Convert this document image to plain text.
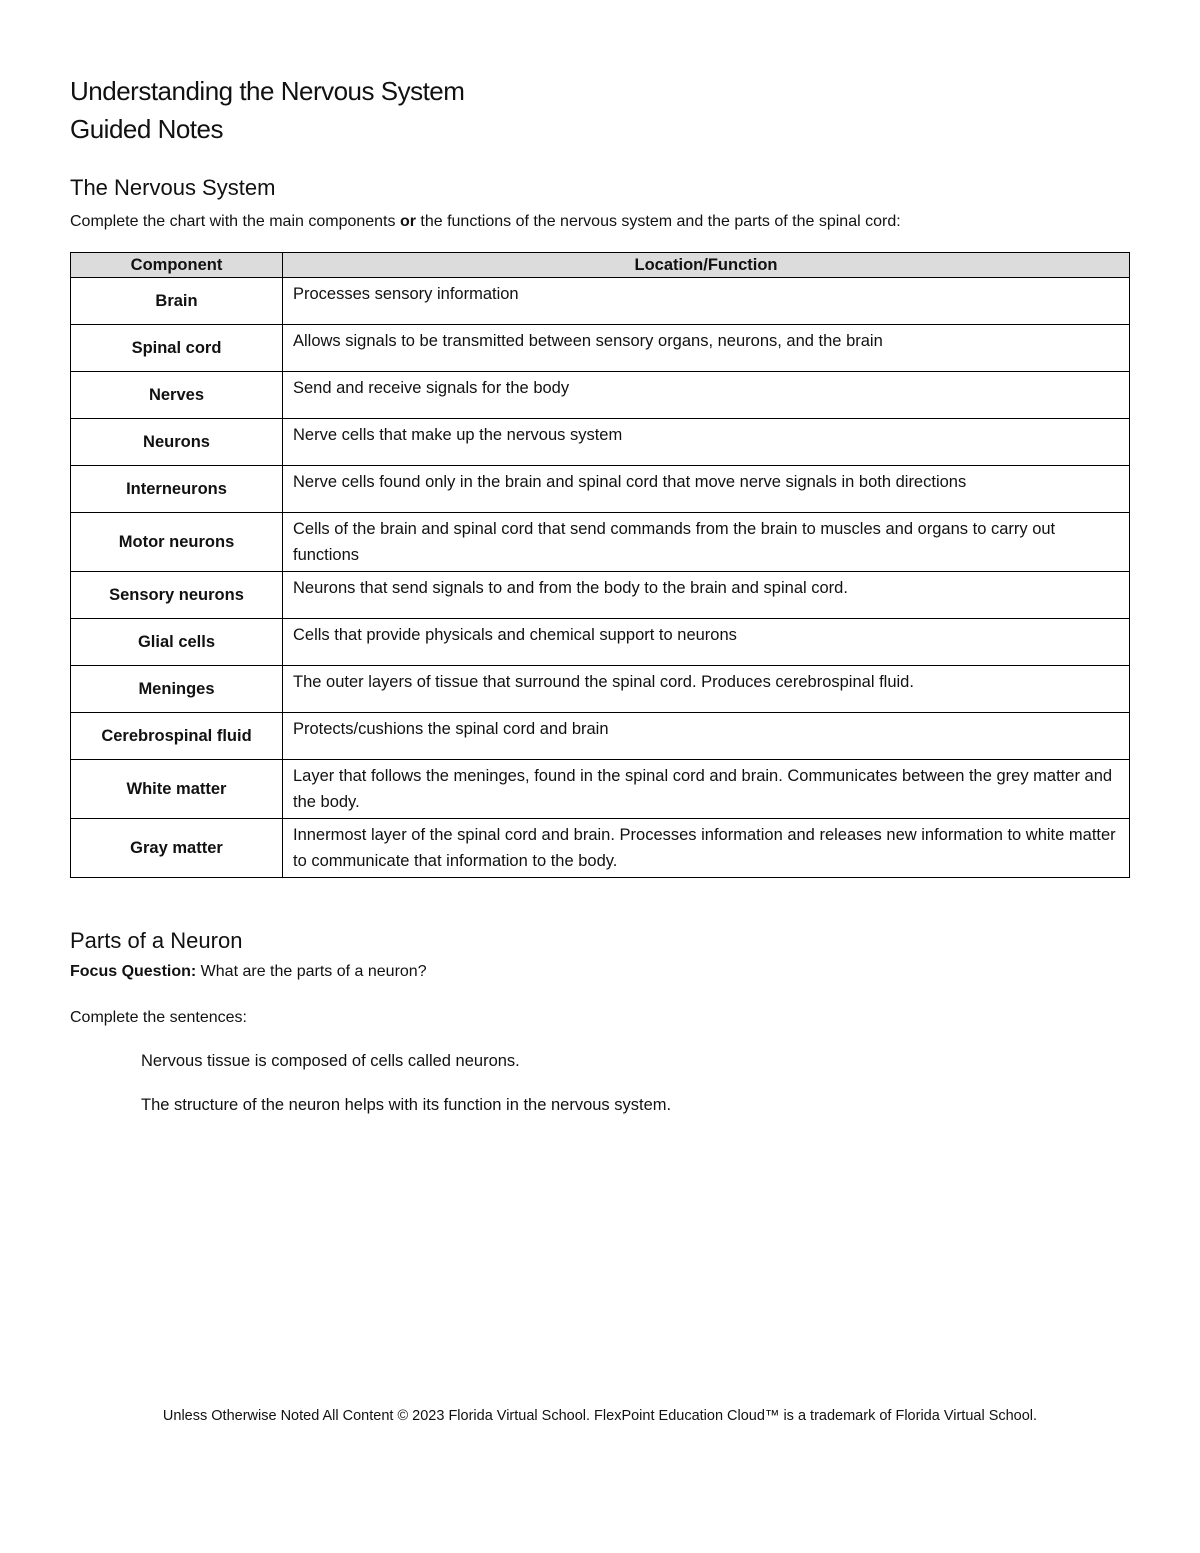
Understanding the Nervous System
Guided Notes
The Nervous System
Complete the chart with the main components or the functions of the nervous system and the parts of the spinal cord:
Component	Location/Function
Brain	Processes sensory information
Spinal cord	Allows signals to be transmitted between sensory organs, neurons, and the brain
Nerves	Send and receive signals for the body
Neurons	Nerve cells that make up the nervous system
Interneurons	Nerve cells found only in the brain and spinal cord that move nerve signals in both directions
Motor neurons	Cells of the brain and spinal cord that send commands from the brain to muscles and organs to carry out functions
Sensory neurons	Neurons that send signals to and from the body to the brain and spinal cord.
Glial cells	Cells that provide physicals and chemical support to neurons
Meninges	The outer layers of tissue that surround the spinal cord. Produces cerebrospinal fluid.
Cerebrospinal fluid	Protects/cushions the spinal cord and brain
White matter	Layer that follows the meninges, found in the spinal cord and brain. Communicates between the grey matter and the body.
Gray matter	Innermost layer of the spinal cord and brain. Processes information and releases new information to white matter to communicate that information to the body.
Parts of a Neuron
Focus Question: What are the parts of a neuron?
Complete the sentences:
Nervous tissue is composed of cells called neurons.
The structure of the neuron helps with its function in the nervous system.
Unless Otherwise Noted All Content © 2023 Florida Virtual School. FlexPoint Education Cloud™ is a trademark of Florida Virtual School.
